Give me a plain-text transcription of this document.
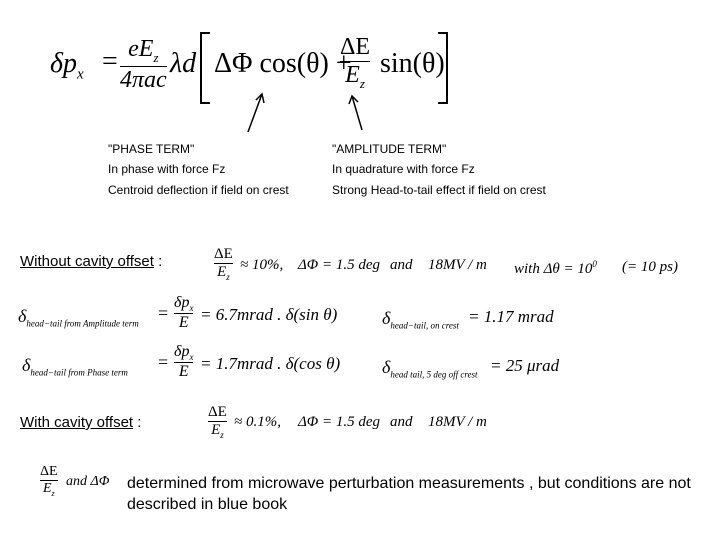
$\delta p_x = eE_z$
4πac
λd ΔΦ cos(θ) +
ΔE
$E_z$
sin(θ)
"PHASE TERM"	"AMPLITUDE TERM"
In phase with force Fz	In quadrature with force Fz
Centroid deflection if field on crest	Strong Head-to-tail effect if field on crest
Without cavity offset :	ΔE
$E_z$
≈ 10%, ΔΦ = 1.5 deg and 18MV / m with $\Delta\theta = 10^0$ (= 10 ps)
$\delta_{head-tail from Amplitude term}$
=
$\delta p_x$
E = 6.7mrad . δ(sin θ) $\delta_{head-tail, on crest} = 1.17$ mrad
$\delta_{head-tail from Phase term}$
=
$\delta p_x$
E = 1.7mrad . δ(cos θ) $\delta_{head tail, 5 deg off crest} = 25$ μrad
With cavity offset :
ΔE
$E_z$
≈ 0.1%, ΔΦ = 1.5 deg and 18MV / m
ΔE
$E_z$
and ΔΦ determined from microwave perturbation measurements , but conditions are not described in blue book
